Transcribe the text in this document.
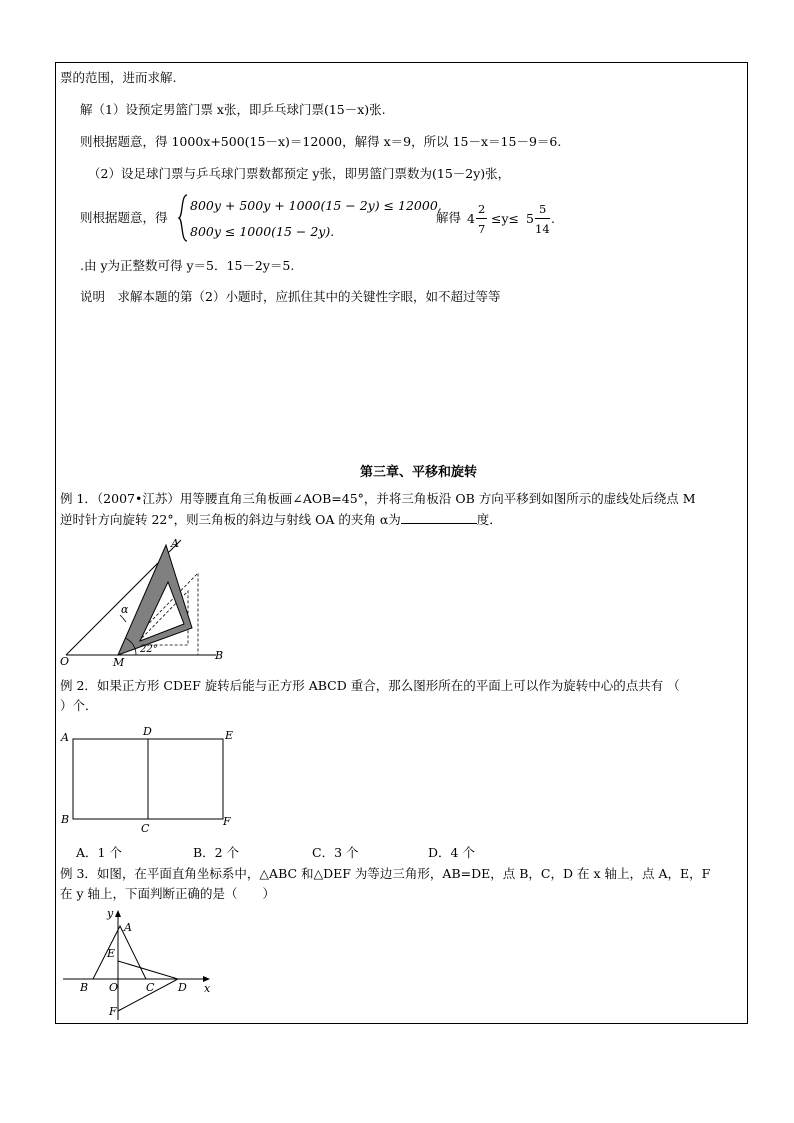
票的范围，进而求解.
解（1）设预定男篮门票 x张，即乒乓球门票(15－x)张.
则根据题意，得 1000x+500(15－x)＝12000，解得 x＝9，所以 15－x＝15－9＝6.
（2）设足球门票与乒乓球门票数都预定 y张，即男篮门票数为(15－2y)张，
则根据题意，得
800y + 500y + 1000(15 − 2y) ≤ 12000,
800y ≤ 1000(15 − 2y).
解得 4
2
7
≤y≤ 5
5
14
.
.由 y为正整数可得 y＝5．15－2y＝5.
说明　求解本题的第（2）小题时，应抓住其中的关键性字眼，如不超过等等
第三章、平移和旋转
例 1．（2007•江苏）用等腰直角三角板画∠AOB=45°，并将三角板沿 OB 方向平移到如图所示的虚线处后绕点 M
逆时针方向旋转 22°，则三角板的斜边与射线 OA 的夹角 α为	度．
A
O	M
B
α
22°
例 2．如果正方形 CDEF 旋转后能与正方形 ABCD 重合，那么图形所在的平面上可以作为旋转中心的点共有 （
）个．
A	D	E
B
C
F
A．1 个	B．2 个	C．3 个	D．4 个
例 3．如图，在平面直角坐标系中，△ABC 和△DEF 为等边三角形，AB=DE，点 B，C，D 在 x 轴上，点 A，E，F
在 y 轴上，下面判断正确的是（　　）
y
A
E
B O	C D x
F
